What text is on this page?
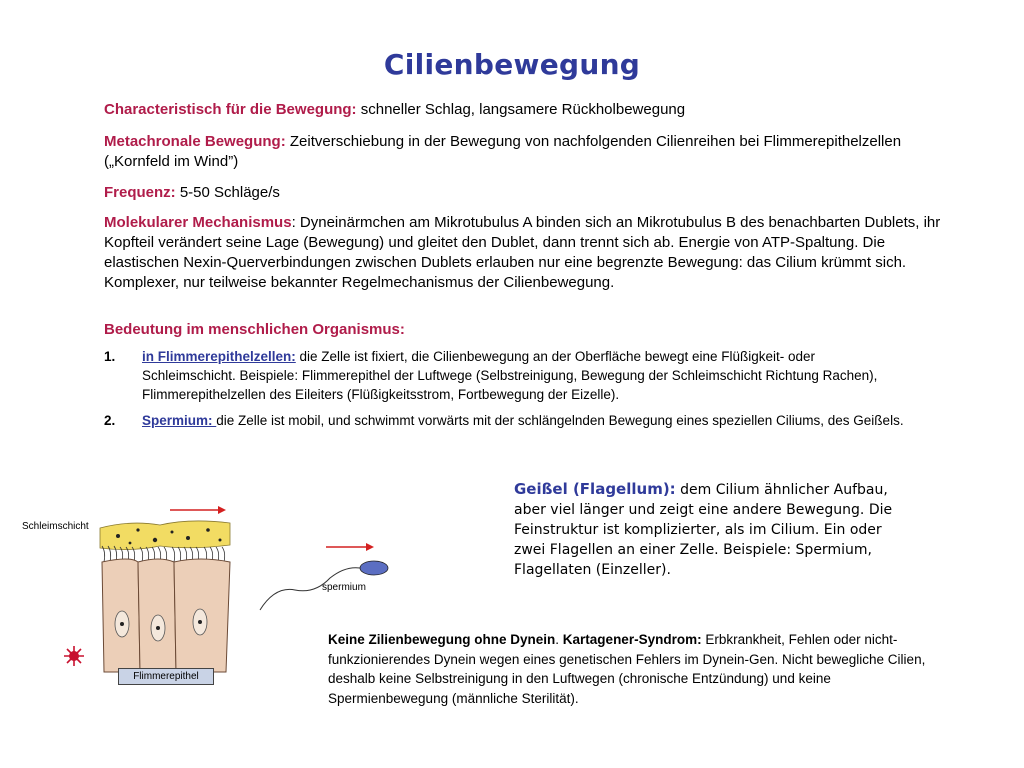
Cilienbewegung
Characteristisch für die Bewegung: schneller Schlag, langsamere Rückholbewegung
Metachronale Bewegung: Zeitverschiebung in der Bewegung von nachfolgenden Cilienreihen bei Flimmerepithelzellen („Kornfeld im Wind”)
Frequenz: 5-50 Schläge/s
Molekularer Mechanismus: Dyneinärmchen am Mikrotubulus A binden sich an Mikrotubulus B des benachbarten Dublets, ihr Kopfteil verändert seine Lage (Bewegung) und gleitet den Dublet, dann trennt sich ab. Energie von ATP-Spaltung. Die elastischen Nexin-Querverbindungen zwischen Dublets erlauben nur eine begrenzte Bewegung: das Cilium krümmt sich. Komplexer, nur teilweise bekannter Regelmechanismus der Cilienbewegung.
Bedeutung im menschlichen Organismus:
1. in Flimmerepithelzellen: die Zelle ist fixiert, die Cilienbewegung an der Oberfläche bewegt eine Flüßigkeit- oder Schleimschicht. Beispiele: Flimmerepithel der Luftwege (Selbstreinigung, Bewegung der Schleimschicht Richtung Rachen), Flimmerepithelzellen des Eileiters (Flüßigkeitsstrom, Fortbewegung der Eizelle).
2. Spermium: die Zelle ist mobil, und schwimmt vorwärts mit der schlängelnden Bewegung eines speziellen Ciliums, des Geißels.
Geißel (Flagellum): dem Cilium ähnlicher Aufbau, aber viel länger und zeigt eine andere Bewegung. Die Feinstruktur ist komplizierter, als im Cilium. Ein oder zwei Flagellen an einer Zelle. Beispiele: Spermium, Flagellaten (Einzeller).
Keine Zilienbewegung ohne Dynein. Kartagener-Syndrom: Erbkrankheit, Fehlen oder nicht-funkzionierendes Dynein wegen eines genetischen Fehlers im Dynein-Gen. Nicht bewegliche Cilien, deshalb keine Selbstreinigung in den Luftwegen (chronische Entzündung) und keine Spermienbewegung (männliche Sterilität).
Schleimschicht
spermium
Flimmerepithel
